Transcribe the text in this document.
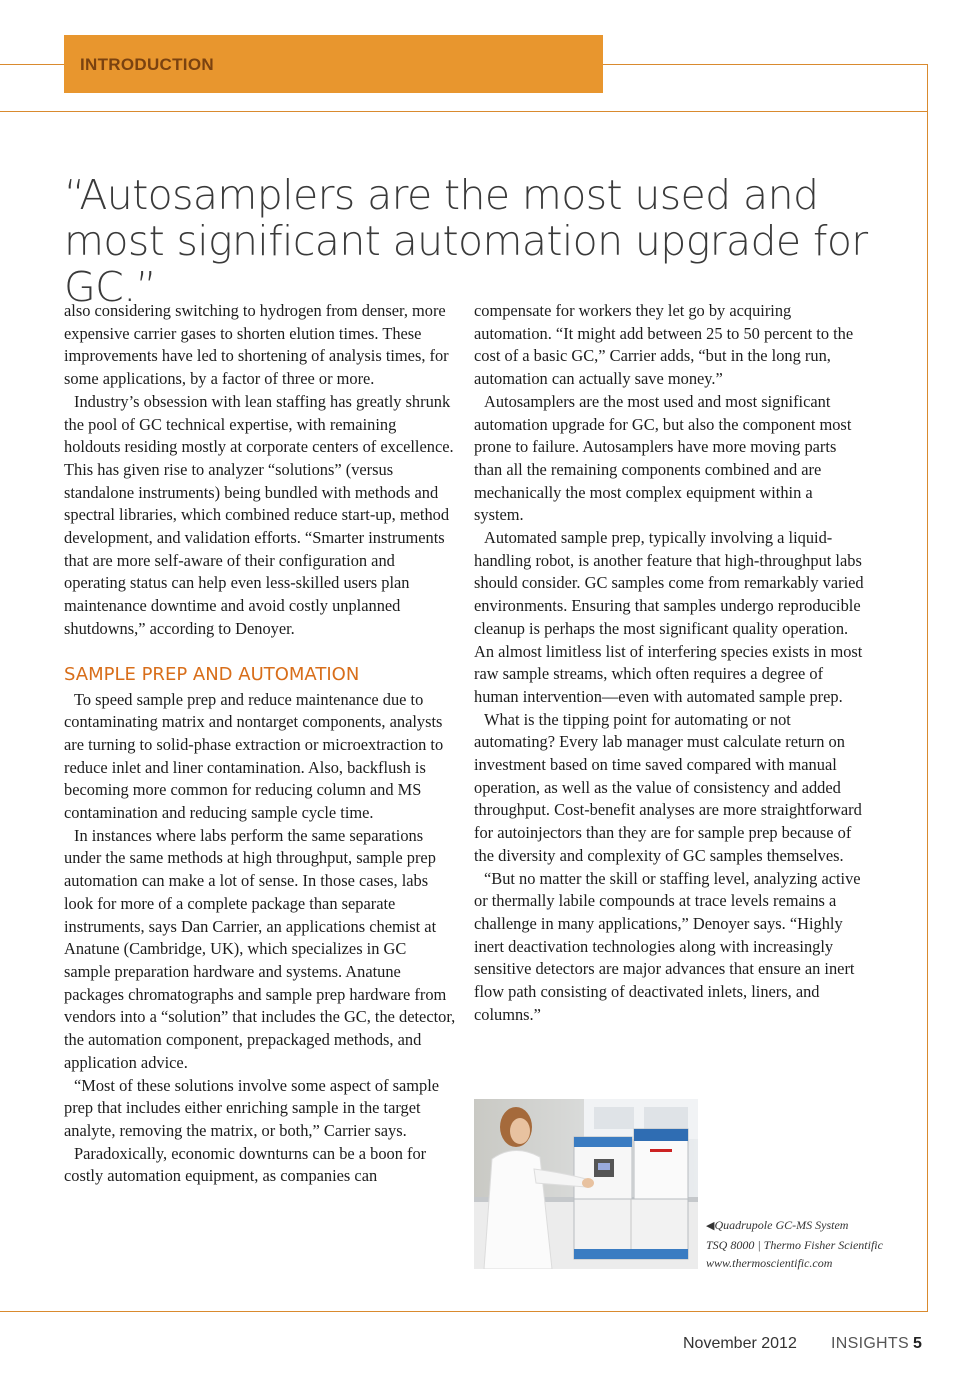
INTRODUCTION
“Autosamplers are the most used and most significant automation upgrade for GC.”

also considering switching to hydrogen from denser, more expensive carrier gases to shorten elution times. These improvements have led to shortening of analysis times, for some applications, by a factor of three or more.

Industry’s obsession with lean staffing has greatly shrunk the pool of GC technical expertise, with remaining holdouts residing mostly at corporate centers of excellence. This has given rise to analyzer “solutions” (versus standalone instruments) being bundled with methods and spectral libraries, which combined reduce start-up, method development, and validation efforts. “Smarter instruments that are more self-aware of their configuration and operating status can help even less-skilled users plan maintenance downtime and avoid costly unplanned shutdowns,” according to Denoyer.

SAMPLE PREP AND AUTOMATION

To speed sample prep and reduce maintenance due to contaminating matrix and nontarget components, analysts are turning to solid-phase extraction or microextraction to reduce inlet and liner contamination. Also, backflush is becoming more common for reducing column and MS contamination and reducing sample cycle time.

In instances where labs perform the same separations under the same methods at high throughput, sample prep automation can make a lot of sense. In those cases, labs look for more of a complete package than separate instruments, says Dan Carrier, an applications chemist at Anatune (Cambridge, UK), which specializes in GC sample preparation hardware and systems. Anatune packages chromatographs and sample prep hardware from vendors into a “solution” that includes the GC, the detector, the automation component, prepackaged methods, and application advice.

“Most of these solutions involve some aspect of sample prep that includes either enriching sample in the target analyte, removing the matrix, or both,” Carrier says.

Paradoxically, economic downturns can be a boon for costly automation equipment, as companies can

compensate for workers they let go by acquiring automation. “It might add between 25 to 50 percent to the cost of a basic GC,” Carrier adds, “but in the long run, automation can actually save money.”

Autosamplers are the most used and most significant automation upgrade for GC, but also the component most prone to failure. Autosamplers have more moving parts than all the remaining components combined and are mechanically the most complex equipment within a system.

Automated sample prep, typically involving a liquid-handling robot, is another feature that high-throughput labs should consider. GC samples come from remarkably varied environments. Ensuring that samples undergo reproducible cleanup is perhaps the most significant quality operation. An almost limitless list of interfering species exists in most raw sample streams, which often requires a degree of human intervention—even with automated sample prep.

What is the tipping point for automating or not automating? Every lab manager must calculate return on investment based on time saved compared with manual operation, as well as the value of consistency and added throughput. Cost-benefit analyses are more straightforward for autoinjectors than they are for sample prep because of the diversity and complexity of GC samples themselves.

“But no matter the skill or staffing level, analyzing active or thermally labile compounds at trace levels remains a challenge in many applications,” Denoyer says. “Highly inert deactivation technologies along with increasingly sensitive detectors are major advances that ensure an inert flow path consisting of deactivated inlets, liners, and columns.”

◀Quadrupole GC-MS System
TSQ 8000 | Thermo Fisher Scientific
www.thermoscientific.com
November 2012 INSIGHTS 5
